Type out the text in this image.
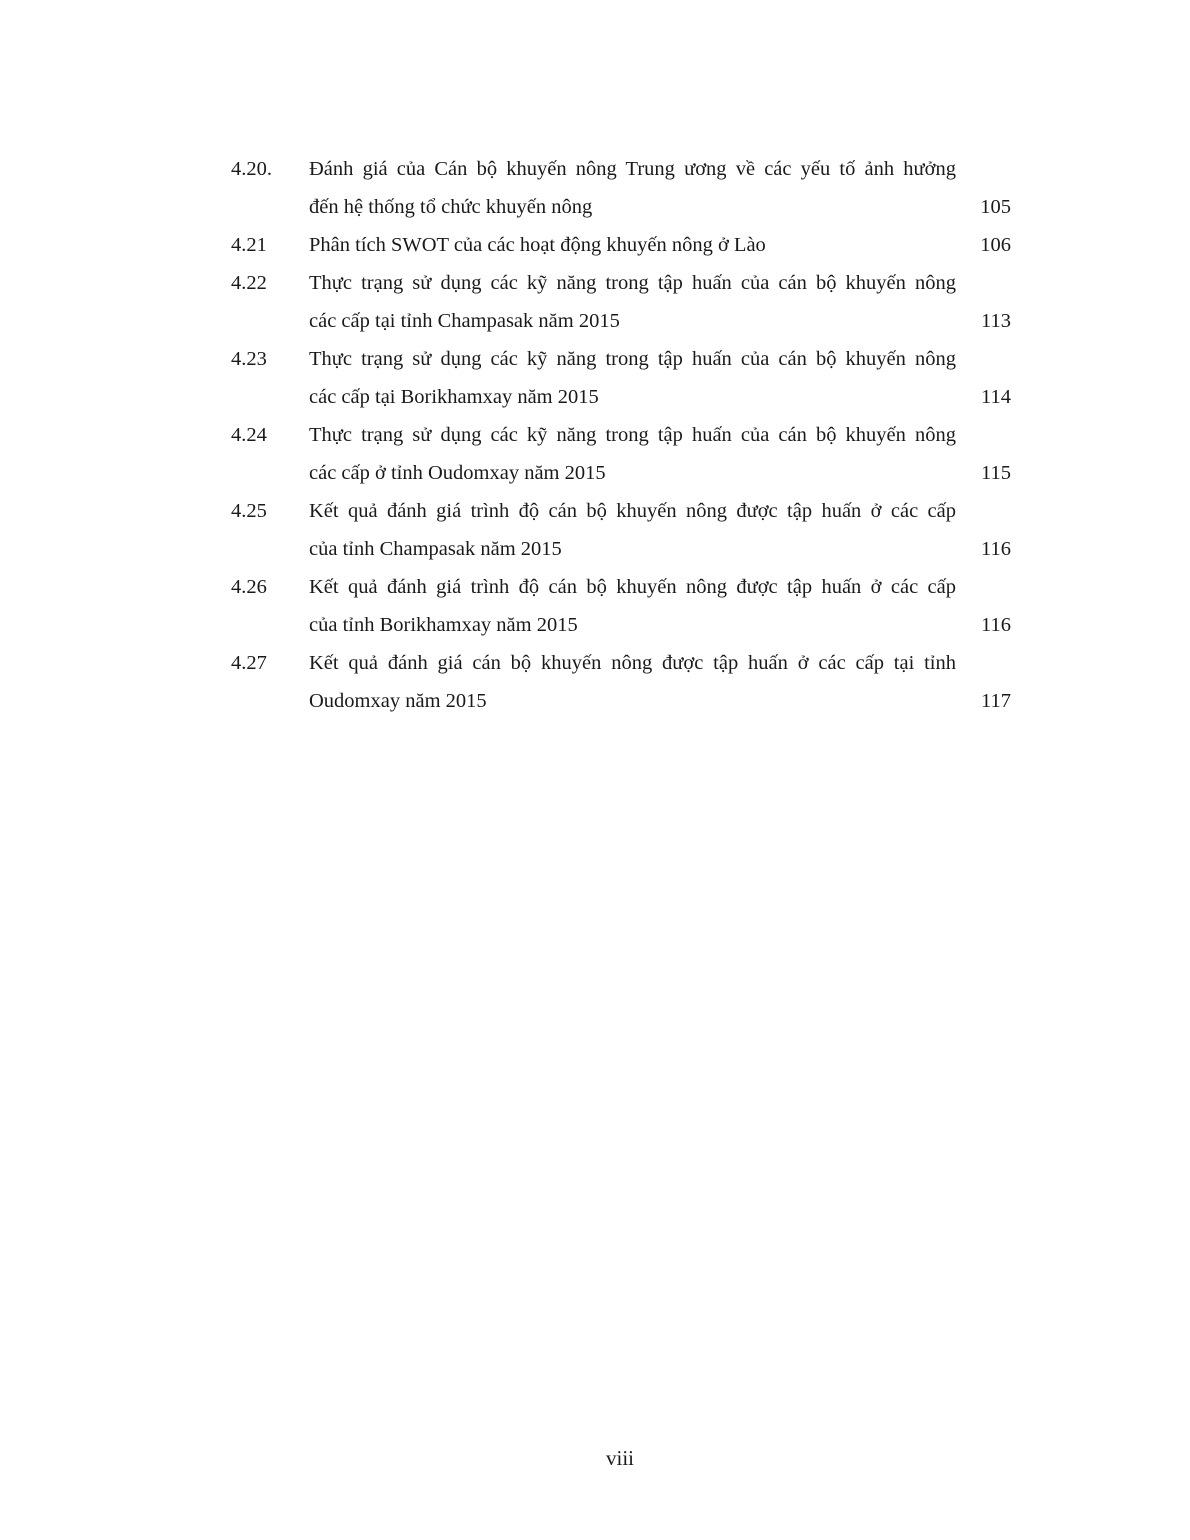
4.20.	Đánh giá của Cán bộ khuyến nông Trung ương về các yếu tố ảnh hưởng
đến hệ thống tổ chức khuyến nông	105
4.21	Phân tích SWOT của các hoạt động khuyến nông ở Lào	106
4.22	Thực trạng sử dụng các kỹ năng trong tập huấn của cán bộ khuyến nông
các cấp tại tỉnh Champasak năm 2015	113
4.23	Thực trạng sử dụng các kỹ năng trong tập huấn của cán bộ khuyến nông
các cấp tại Borikhamxay năm 2015	114
4.24	Thực trạng sử dụng các kỹ năng trong tập huấn của cán bộ khuyến nông
các cấp ở tỉnh Oudomxay năm 2015	115
4.25	Kết quả đánh giá trình độ cán bộ khuyến nông được tập huấn ở các cấp
của tỉnh Champasak năm 2015	116
4.26	Kết quả đánh giá trình độ cán bộ khuyến nông được tập huấn ở các cấp
của tỉnh Borikhamxay năm 2015	116
4.27	Kết quả đánh giá cán bộ khuyến nông được tập huấn ở các cấp tại tỉnh
Oudomxay năm 2015	117
viii
